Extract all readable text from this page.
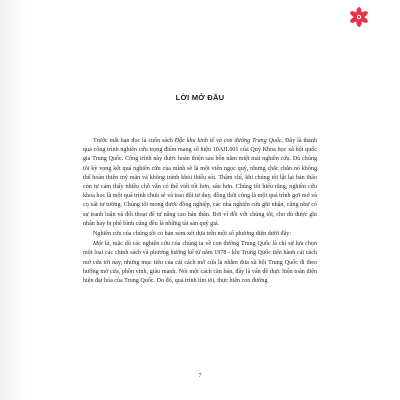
LỜI MỞ ĐẦU

Trước mắt bạn đọc là cuốn sách Đặc khu kinh tế và con đường Trung Quốc. Đây là thành quả công trình nghiên cứu trọng điểm mang số hiệu 10AJL001 của Quỹ Khoa học xã hội quốc gia Trung Quốc. Công trình này được hoàn thiện sau bốn năm miệt mài nghiên cứu. Dù chúng tôi kỳ vọng kết quả nghiên cứu của mình sẽ là một viên ngọc quý, nhưng chắc chắn nó không thể hoàn thiện mỹ mãn và không tránh khỏi thiếu sót. Thậm chí, khi chúng tôi lật lại bản thảo còn tự cảm thấy nhiều chỗ vẫn có thể viết tốt hơn, sâu hơn. Chúng tôi hiểu rằng, nghiên cứu khoa học là một quá trình chưa sẽ và trao đổi tư duy, đồng thời cũng là một quá trình gợi mở và cọ xát tư tưởng. Chúng tôi mong được đồng nghiệp, các nhà nghiên cứu ghi nhận, cũng như có sự tranh luận và đối thoại để tự nâng cao bản thân. Bởi vì đối với chúng tôi, cho dù được ghi nhận hay bị phê bình cũng đều là những tài sản quý giá.

Nghiên cứu của chúng tôi có bản xem xét dựa trên một số phương diện dưới đây:

Một là, mặc dù các nghiên cứu của chúng ta về con đường Trung Quốc là chỉ sự lựa chọn một loạt các chính sách và phương hướng kể từ năm 1978 - khi Trung Quốc tiến hành cải cách mở cửa tới nay, nhưng mục tiêu của cải cách mở cửa là nhằm đưa xã hội Trung Quốc đi theo hướng mở cửa, phồn vinh, giàu mạnh. Nói một cách căn bản, đây là vấn đề thực hiện toàn diện hiện đại hóa của Trung Quốc. Do đó, quá trình tìm tòi, thực hiện con đường

7
